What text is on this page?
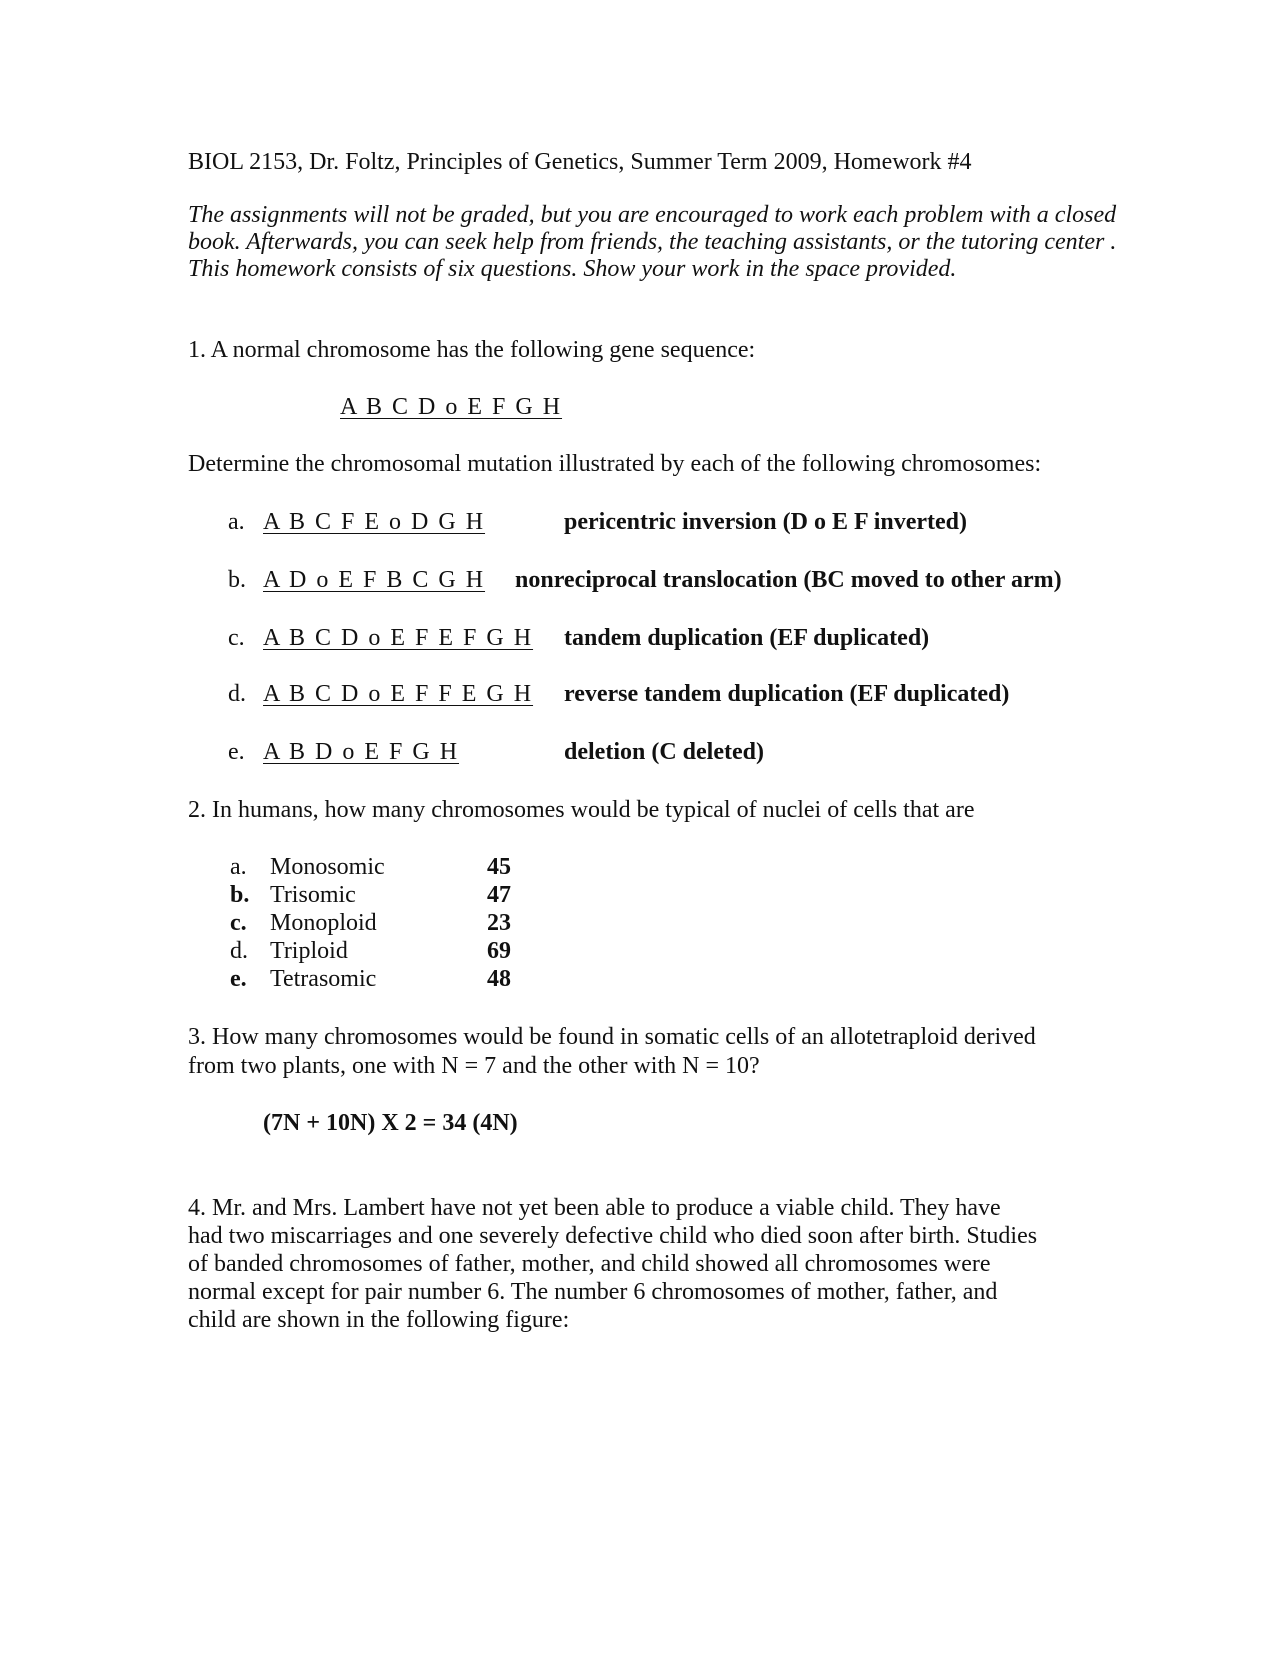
BIOL 2153, Dr. Foltz, Principles of Genetics, Summer Term 2009, Homework #4
The assignments will not be graded, but you are encouraged to work each problem with a closed
book. Afterwards, you can seek help from friends, the teaching assistants, or the tutoring center .
This homework consists of six questions. Show your work in the space provided.
1. A normal chromosome has the following gene sequence:
A B C D o E F G H
Determine the chromosomal mutation illustrated by each of the following chromosomes:
a. A B C F E o D G H	pericentric inversion (D o E F inverted)
b. A D o E F B C G H nonreciprocal translocation (BC moved to other arm)
c. A B C D o E F E F G H tandem duplication (EF duplicated)
d. A B C D o E F F E G H reverse tandem duplication (EF duplicated)
e. A B D o E F G H	deletion (C deleted)
2. In humans, how many chromosomes would be typical of nuclei of cells that are
a. Monosomic	45
b. Trisomic	47
c. Monoploid	23
d. Triploid	69
e. Tetrasomic	48
3. How many chromosomes would be found in somatic cells of an allotetraploid derived
from two plants, one with N = 7 and the other with N = 10?
(7N + 10N) X 2 = 34 (4N)
4. Mr. and Mrs. Lambert have not yet been able to produce a viable child. They have
had two miscarriages and one severely defective child who died soon after birth. Studies
of banded chromosomes of father, mother, and child showed all chromosomes were
normal except for pair number 6. The number 6 chromosomes of mother, father, and
child are shown in the following figure:
